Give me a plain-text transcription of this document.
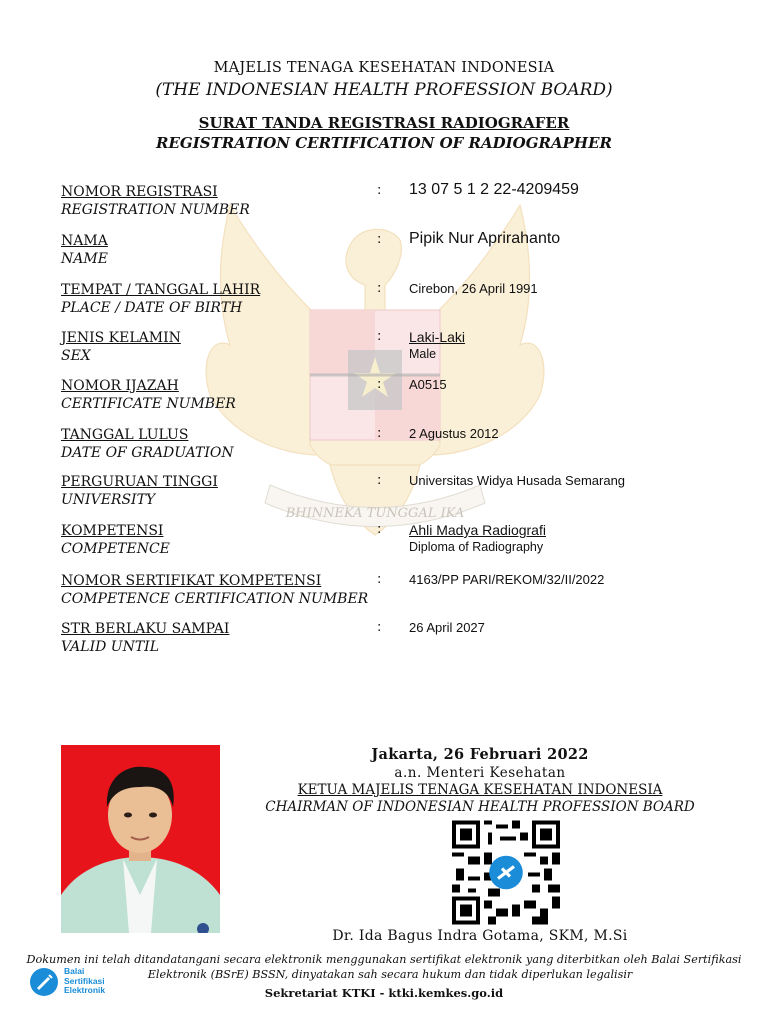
BHINNEKA TUNGGAL IKA
MAJELIS TENAGA KESEHATAN INDONESIA
(THE INDONESIAN HEALTH PROFESSION BOARD)
SURAT TANDA REGISTRASI RADIOGRAFER
REGISTRATION CERTIFICATION OF RADIOGRAPHER
NOMOR REGISTRASI
REGISTRATION NUMBER
: 13 07 5 1 2 22-4209459
NAMA
NAME
: Pipik Nur Aprirahanto
TEMPAT / TANGGAL LAHIR
PLACE / DATE OF BIRTH
: Cirebon, 26 April 1991
JENIS KELAMIN
SEX
: Laki-Laki
Male
NOMOR IJAZAH
CERTIFICATE NUMBER
: A0515
TANGGAL LULUS
DATE OF GRADUATION
: 2 Agustus 2012
PERGURUAN TINGGI
UNIVERSITY
: Universitas Widya Husada Semarang
KOMPETENSI
COMPETENCE
: Ahli Madya Radiografi
Diploma of Radiography
NOMOR SERTIFIKAT KOMPETENSI
COMPETENCE CERTIFICATION NUMBER
: 4163/PP PARI/REKOM/32/II/2022
STR BERLAKU SAMPAI
VALID UNTIL
: 26 April 2027
Jakarta, 26 Februari 2022
a.n. Menteri Kesehatan
KETUA MAJELIS TENAGA KESEHATAN INDONESIA
CHAIRMAN OF INDONESIAN HEALTH PROFESSION BOARD
Dr. Ida Bagus Indra Gotama, SKM, M.Si
Dokumen ini telah ditandatangani secara elektronik menggunakan sertifikat elektronik yang diterbitkan oleh Balai Sertifikasi
Elektronik (BSrE) BSSN, dinyatakan sah secara hukum dan tidak diperlukan legalisir
Sekretariat KTKI - ktki.kemkes.go.id
Balai
Sertifikasi
Elektronik
